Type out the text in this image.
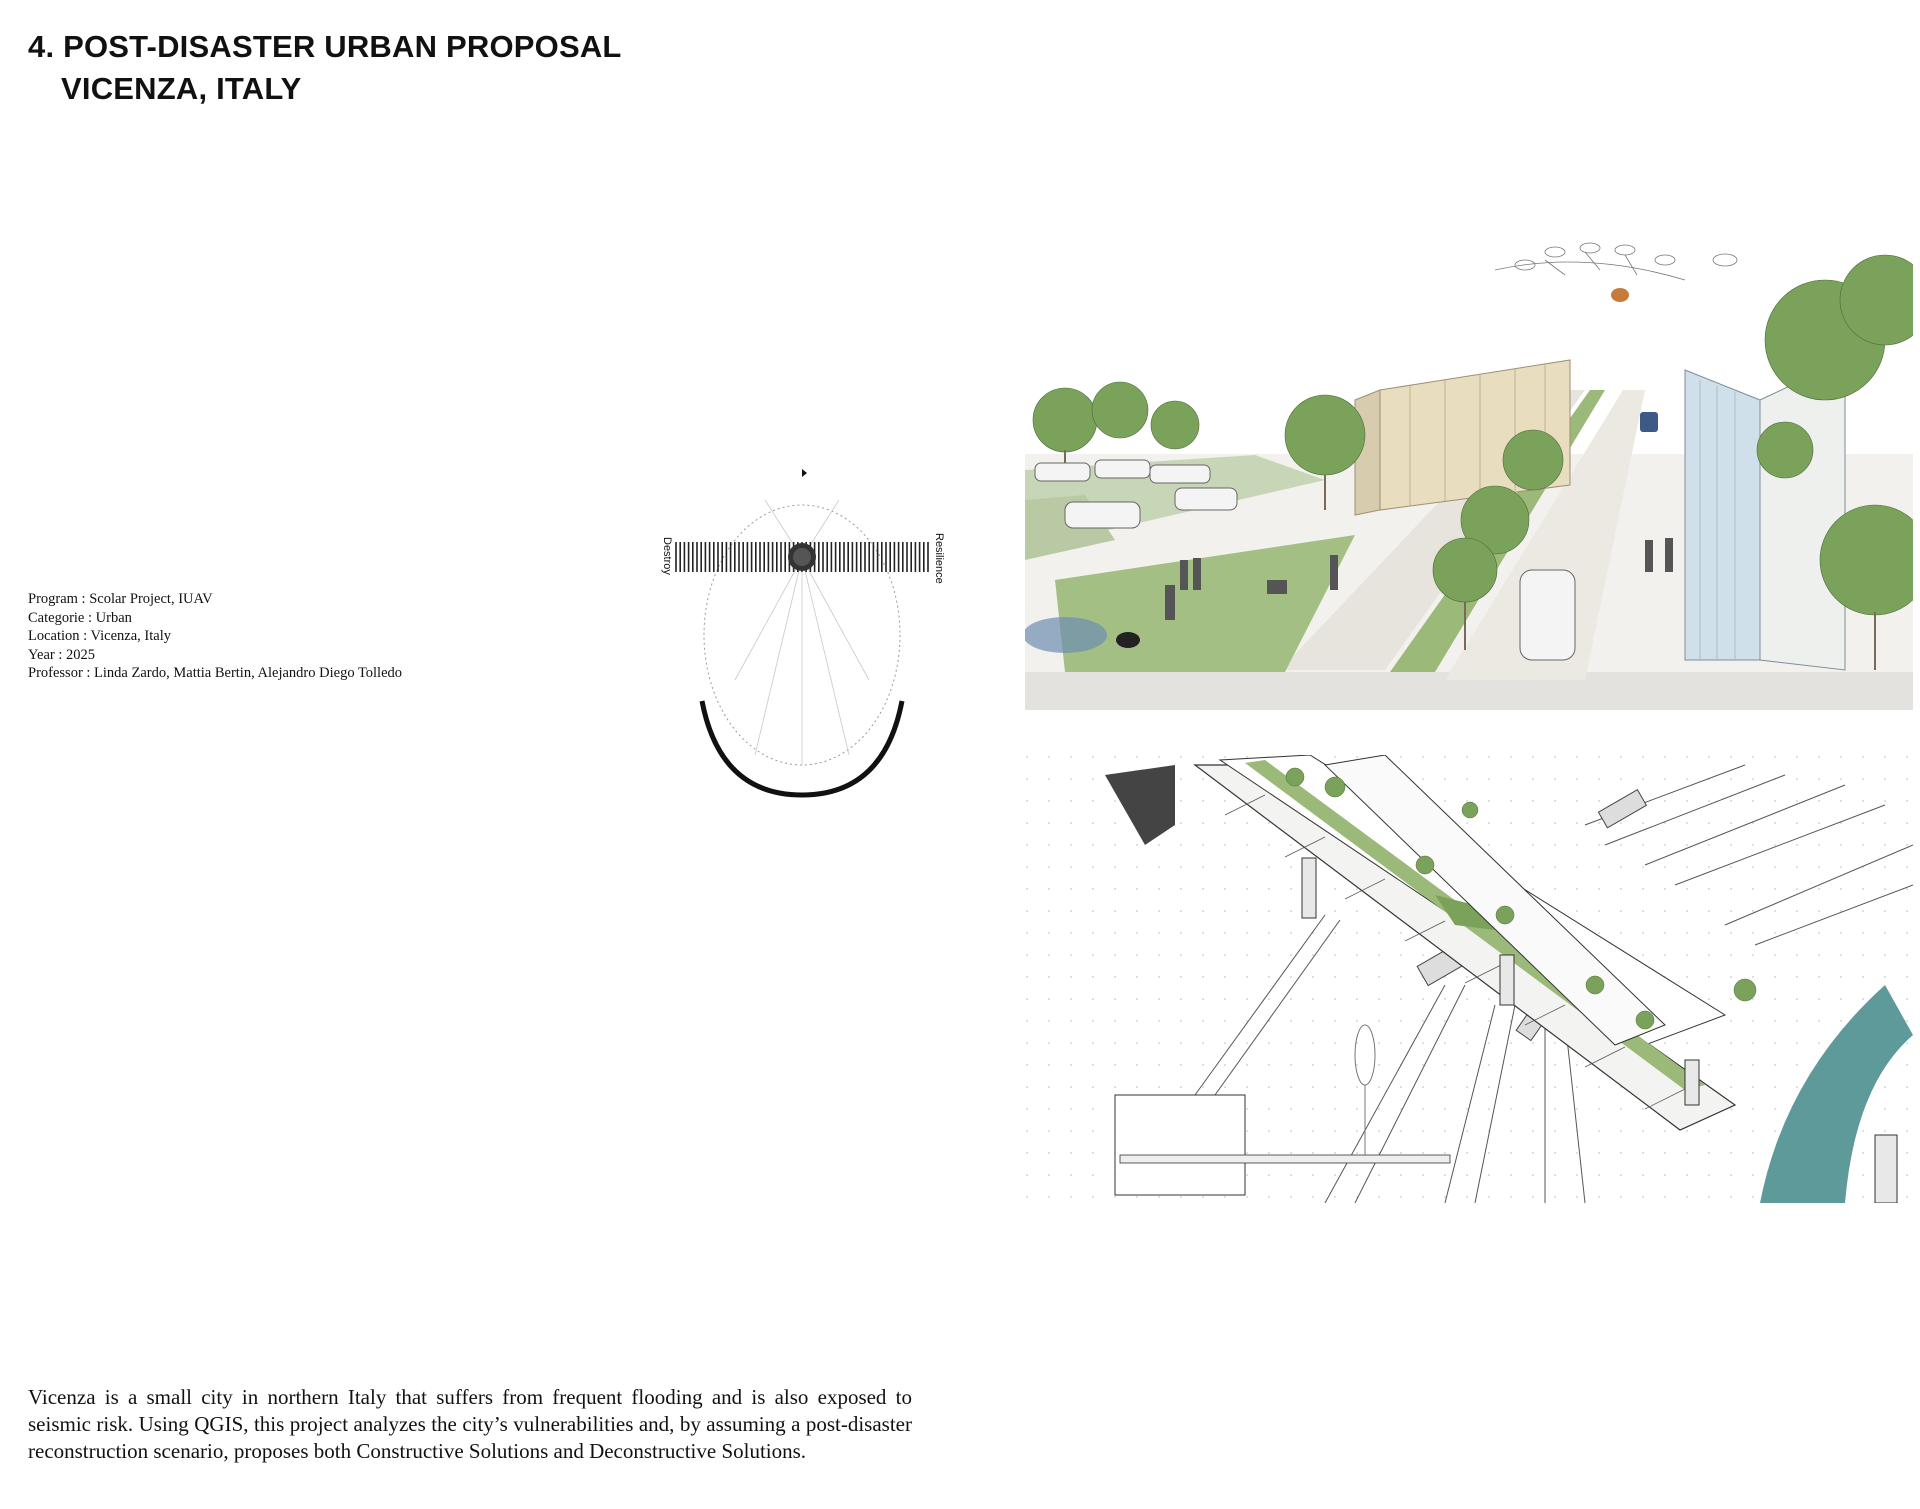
4. POST-DISASTER URBAN PROPOSAL
VICENZA, ITALY
Program : Scolar Project, IUAV
Categorie : Urban
Location : Vicenza, Italy
Year : 2025
Professor : Linda Zardo, Mattia Bertin, Alejandro Diego Tolledo
Destroy	Resilience
Vicenza is a small city in northern Italy that suffers from frequent flooding and is also exposed to seismic risk. Using QGIS, this project analyzes the city’s vulnerabilities and, by assuming a post-disaster reconstruction scenario, proposes both Constructive Solutions and Deconstructive Solutions.
